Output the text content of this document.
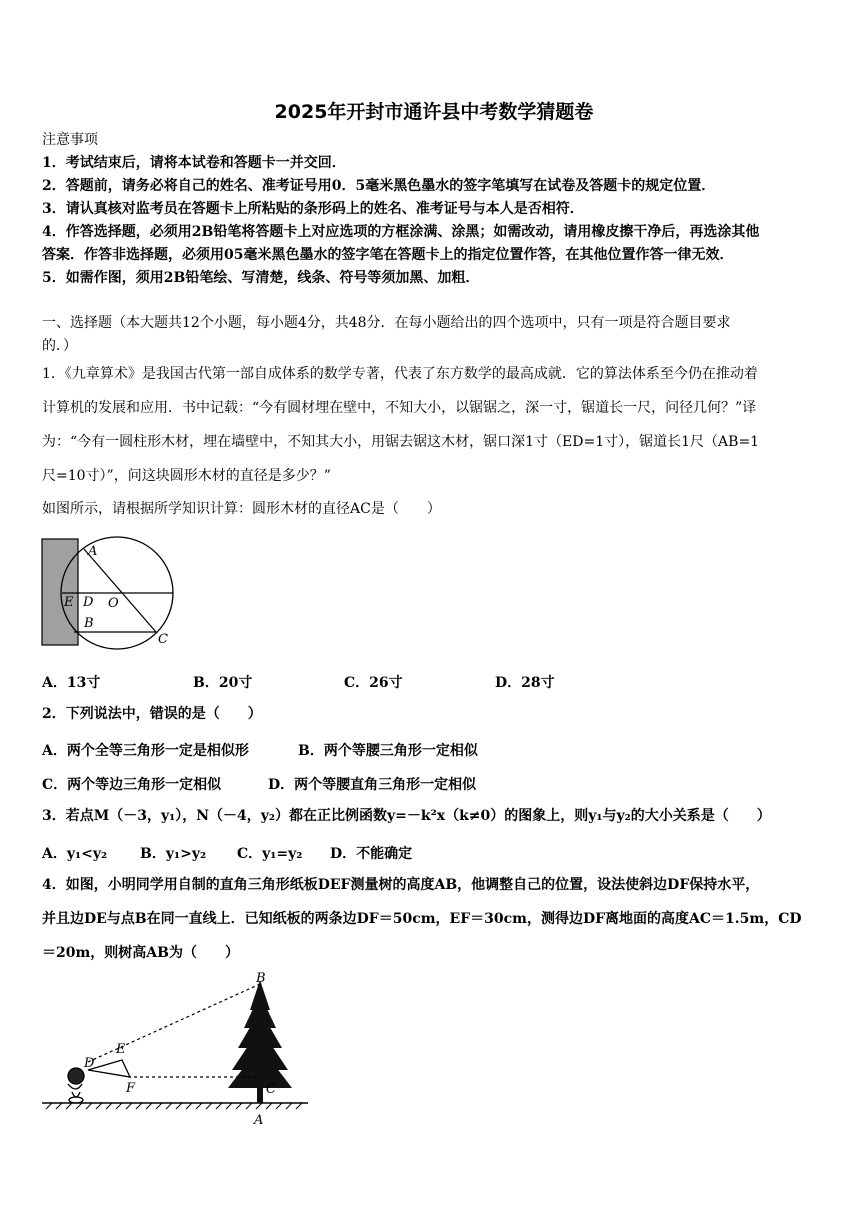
2025年开封市通许县中考数学猜题卷
注意事项
1．考试结束后，请将本试卷和答题卡一并交回．
2．答题前，请务必将自己的姓名、准考证号用0．5毫米黑色墨水的签字笔填写在试卷及答题卡的规定位置．
3．请认真核对监考员在答题卡上所粘贴的条形码上的姓名、准考证号与本人是否相符．
4．作答选择题，必须用2B铅笔将答题卡上对应选项的方框涂满、涂黑；如需改动，请用橡皮擦干净后，再选涂其他
答案．作答非选择题，必须用05毫米黑色墨水的签字笔在答题卡上的指定位置作答，在其他位置作答一律无效．
5．如需作图，须用2B铅笔绘、写清楚，线条、符号等须加黑、加粗．
一、选择题（本大题共12个小题，每小题4分，共48分．在每小题给出的四个选项中，只有一项是符合题目要求
的．）
1．《九章算术》是我国古代第一部自成体系的数学专著，代表了东方数学的最高成就．它的算法体系至今仍在推动着
计算机的发展和应用．书中记载：“今有圆材埋在壁中，不知大小，以锯锯之，深一寸，锯道长一尺，问径几何？”译
为：“今有一圆柱形木材，埋在墙壁中，不知其大小，用锯去锯这木材，锯口深1寸（ED=1寸），锯道长1尺（AB=1
尺=10寸）”，问这块圆形木材的直径是多少？”
如图所示，请根据所学知识计算：圆形木材的直径AC是（　　）
A
E D O
B
C
A．13寸	B．20寸	C．26寸	D．28寸
2．下列说法中，错误的是（　　）
A．两个全等三角形一定是相似形	B．两个等腰三角形一定相似
C．两个等边三角形一定相似	D．两个等腰直角三角形一定相似
3．若点M（－3，y₁），N（－4，y₂）都在正比例函数y=－k²x（k≠0）的图象上，则y₁与y₂的大小关系是（　　）
A．y₁<y₂ B．y₁>y₂ C．y₁=y₂ D．不能确定
4．如图，小明同学用自制的直角三角形纸板DEF测量树的高度AB，他调整自己的位置，设法使斜边DF保持水平，
并且边DE与点B在同一直线上．已知纸板的两条边DF＝50cm，EF＝30cm，测得边DF离地面的高度AC＝1.5m，CD
＝20m，则树高AB为（　　）
B
E
D
F	C
A
